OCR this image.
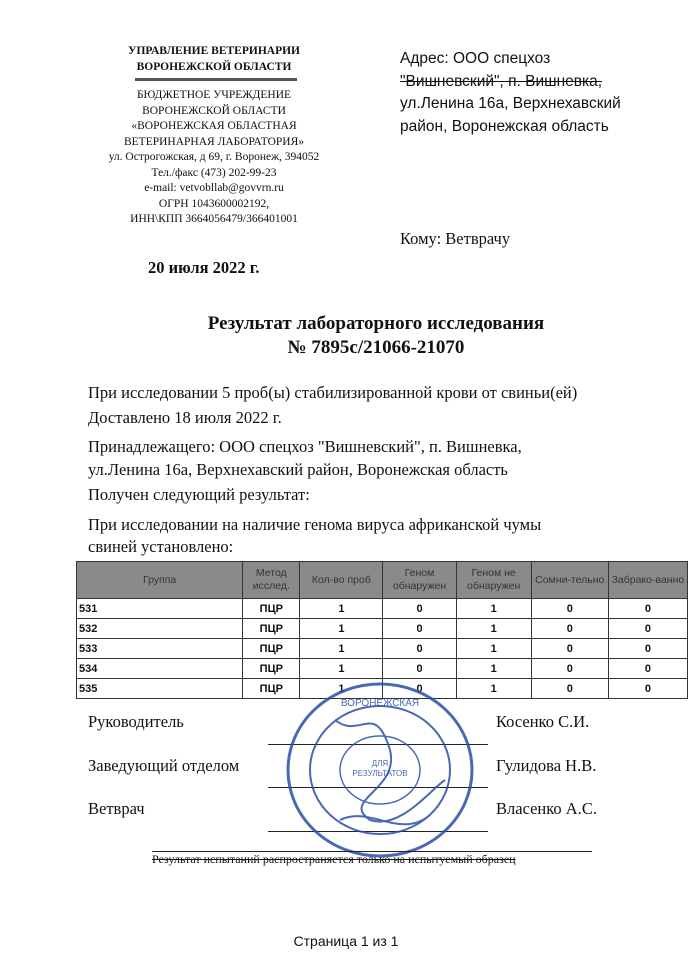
УПРАВЛЕНИЕ ВЕТЕРИНАРИИ
ВОРОНЕЖСКОЙ ОБЛАСТИ
БЮДЖЕТНОЕ УЧРЕЖДЕНИЕ
ВОРОНЕЖСКОЙ ОБЛАСТИ
«ВОРОНЕЖСКАЯ ОБЛАСТНАЯ
ВЕТЕРИНАРНАЯ ЛАБОРАТОРИЯ»
ул. Острогожская, д 69, г. Воронеж, 394052
Тел./факс (473) 202-99-23
e-mail: vetvobllab@govvrn.ru
ОГРН 1043600002192,
ИНН\КПП 3664056479/366401001
20 июля 2022 г.
Адрес: ООО спецхоз
"Вишневский", п. Вишневка,
ул.Ленина 16а, Верхнехавский
район, Воронежская область
Кому: Ветврачу
Результат лабораторного исследования
№ 7895с/21066-21070
При исследовании 5 проб(ы) стабилизированной крови от свиньи(ей)
Доставлено 18 июля 2022 г.
Принадлежащего: ООО спецхоз "Вишневский", п. Вишневка,
ул.Ленина 16а, Верхнехавский район, Воронежская область
Получен следующий результат:
При исследовании на наличие генома вируса африканской чумы
свиней установлено:
Группа	Метод исслед.	Кол-во проб	Геном обнаружен	Геном не обнаружен	Сомни-тельно	Забрако-ванно
531	ПЦР	1	0	1	0	0
532	ПЦР	1	0	1	0	0
533	ПЦР	1	0	1	0	0
534	ПЦР	1	0	1	0	0
535	ПЦР	1	0	1	0	0
Руководитель	Косенко С.И.
Заведующий отделом	Гулидова Н.В.
Ветврач	Власенко А.С.
ВОРОНЕЖСКАЯ
ДЛЯ
РЕЗУЛЬТАТОВ
Результат испытаний распространяется только на испытуемый образец
Страница 1 из 1
